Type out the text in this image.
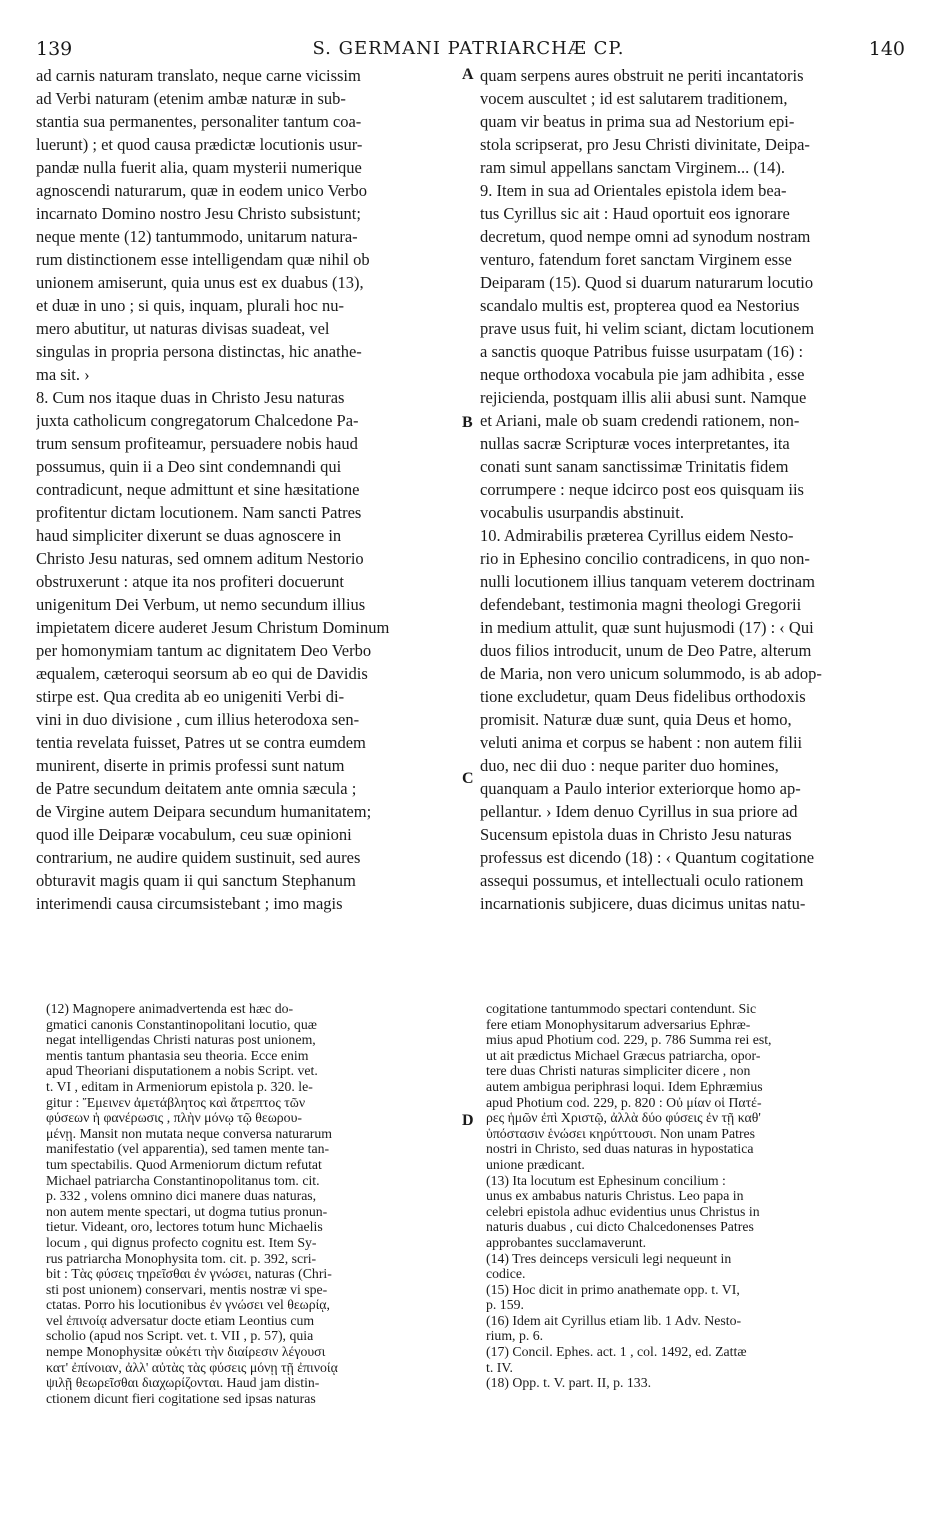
139	S. GERMANI PATRIARCHÆ CP.	140
ad carnis naturam translato, neque carne vicissim
ad Verbi naturam (etenim ambæ naturæ in sub-
stantia sua permanentes, personaliter tantum coa-
luerunt) ; et quod causa prædictæ locutionis usur-
pandæ nulla fuerit alia, quam mysterii numerique
agnoscendi naturarum, quæ in eodem unico Verbo
incarnato Domino nostro Jesu Christo subsistunt;
neque mente (12) tantummodo, unitarum natura-
rum distinctionem esse intelligendam quæ nihil ob
unionem amiserunt, quia unus est ex duabus (13),
et duæ in uno ; si quis, inquam, plurali hoc nu-
mero abutitur, ut naturas divisas suadeat, vel
singulas in propria persona distinctas, hic anathe-
ma sit. ›
8. Cum nos itaque duas in Christo Jesu naturas
juxta catholicum congregatorum Chalcedone Pa-
trum sensum profiteamur, persuadere nobis haud
possumus, quin ii a Deo sint condemnandi qui
contradicunt, neque admittunt et sine hæsitatione
profitentur dictam locutionem. Nam sancti Patres
haud simpliciter dixerunt se duas agnoscere in
Christo Jesu naturas, sed omnem aditum Nestorio
obstruxerunt : atque ita nos profiteri docuerunt
unigenitum Dei Verbum, ut nemo secundum illius
impietatem dicere auderet Jesum Christum Dominum
per homonymiam tantum ac dignitatem Deo Verbo
æqualem, cæteroqui seorsum ab eo qui de Davidis
stirpe est. Qua credita ab eo unigeniti Verbi di-
vini in duo divisione , cum illius heterodoxa sen-
tentia revelata fuisset, Patres ut se contra eumdem
munirent, diserte in primis professi sunt natum
de Patre secundum deitatem ante omnia sæcula ;
de Virgine autem Deipara secundum humanitatem;
quod ille Deiparæ vocabulum, ceu suæ opinioni
contrarium, ne audire quidem sustinuit, sed aures
obturavit magis quam ii qui sanctum Stephanum
interimendi causa circumsistebant ; imo magis
quam serpens aures obstruit ne periti incantatoris
vocem auscultet ; id est salutarem traditionem,
quam vir beatus in prima sua ad Nestorium epi-
stola scripserat, pro Jesu Christi divinitate, Deipa-
ram simul appellans sanctam Virginem... (14).
9. Item in sua ad Orientales epistola idem bea-
tus Cyrillus sic ait : Haud oportuit eos ignorare
decretum, quod nempe omni ad synodum nostram
venturo, fatendum foret sanctam Virginem esse
Deiparam (15). Quod si duarum naturarum locutio
scandalo multis est, propterea quod ea Nestorius
prave usus fuit, hi velim sciant, dictam locutionem
a sanctis quoque Patribus fuisse usurpatam (16) :
neque orthodoxa vocabula pie jam adhibita , esse
rejicienda, postquam illis alii abusi sunt. Namque
et Ariani, male ob suam credendi rationem, non-
nullas sacræ Scripturæ voces interpretantes, ita
conati sunt sanam sanctissimæ Trinitatis fidem
corrumpere : neque idcirco post eos quisquam iis
vocabulis usurpandis abstinuit.
10. Admirabilis præterea Cyrillus eidem Nesto-
rio in Ephesino concilio contradicens, in quo non-
nulli locutionem illius tanquam veterem doctrinam
defendebant, testimonia magni theologi Gregorii
in medium attulit, quæ sunt hujusmodi (17) : ‹ Qui
duos filios introducit, unum de Deo Patre, alterum
de Maria, non vero unicum solummodo, is ab adop-
tione excludetur, quam Deus fidelibus orthodoxis
promisit. Naturæ duæ sunt, quia Deus et homo,
veluti anima et corpus se habent : non autem filii
duo, nec dii duo : neque pariter duo homines,
quanquam a Paulo interior exteriorque homo ap-
pellantur. › Idem denuo Cyrillus in sua priore ad
Sucensum epistola duas in Christo Jesu naturas
professus est dicendo (18) : ‹ Quantum cogitatione
assequi possumus, et intellectuali oculo rationem
incarnationis subjicere, duas dicimus unitas natu-
A
B
C
D
(12) Magnopere animadvertenda est hæc do-
gmatici canonis Constantinopolitani locutio, quæ
negat intelligendas Christi naturas post unionem,
mentis tantum phantasia seu theoria. Ecce enim
apud Theoriani disputationem a nobis Script. vet.
t. VI , editam in Armeniorum epistola p. 320. le-
gitur : Ἔμεινεν ἀμετάβλητος καὶ ἄτρεπτος τῶν
φύσεων ἡ φανέρωσις , πλὴν μόνῳ τῷ θεωρου-
μένῃ. Mansit non mutata neque conversa naturarum
manifestatio (vel apparentia), sed tamen mente tan-
tum spectabilis. Quod Armeniorum dictum refutat
Michael patriarcha Constantinopolitanus tom. cit.
p. 332 , volens omnino dici manere duas naturas,
non autem mente spectari, ut dogma tutius pronun-
tietur. Videant, oro, lectores totum hunc Michaelis
locum , qui dignus profecto cognitu est. Item Sy-
rus patriarcha Monophysita tom. cit. p. 392, scri-
bit : Τὰς φύσεις τηρεῖσθαι ἐν γνώσει, naturas (Chri-
sti post unionem) conservari, mentis nostræ vi spe-
ctatas. Porro his locutionibus ἐν γνώσει vel θεωρίᾳ,
vel ἐπινοίᾳ adversatur docte etiam Leontius cum
scholio (apud nos Script. vet. t. VII , p. 57), quia
nempe Monophysitæ οὐκέτι τὴν διαίρεσιν λέγουσι
κατ' ἐπίνοιαν, ἀλλ' αὐτὰς τὰς φύσεις μόνῃ τῇ ἐπινοίᾳ
ψιλῇ θεωρεῖσθαι διαχωρίζονται. Haud jam distin-
ctionem dicunt fieri cogitatione sed ipsas naturas
cogitatione tantummodo spectari contendunt. Sic
fere etiam Monophysitarum adversarius Ephræ-
mius apud Photium cod. 229, p. 786 Summa rei est,
ut ait prædictus Michael Græcus patriarcha, opor-
tere duas Christi naturas simpliciter dicere , non
autem ambigua periphrasi loqui. Idem Ephræmius
apud Photium cod. 229, p. 820 : Οὐ μίαν οἱ Πατέ-
ρες ἡμῶν ἐπὶ Χριστῷ, ἀλλὰ δύο φύσεις ἐν τῇ καθ'
ὑπόστασιν ἑνώσει κηρύττουσι. Non unam Patres
nostri in Christo, sed duas naturas in hypostatica
unione prædicant.
(13) Ita locutum est Ephesinum concilium :
unus ex ambabus naturis Christus. Leo papa in
celebri epistola adhuc evidentius unus Christus in
naturis duabus , cui dicto Chalcedonenses Patres
approbantes succlamaverunt.
(14) Tres deinceps versiculi legi nequeunt in
codice.
(15) Hoc dicit in primo anathemate opp. t. VI,
p. 159.
(16) Idem ait Cyrillus etiam lib. 1 Adv. Nesto-
rium, p. 6.
(17) Concil. Ephes. act. 1 , col. 1492, ed. Zattæ
t. IV.
(18) Opp. t. V. part. II, p. 133.
